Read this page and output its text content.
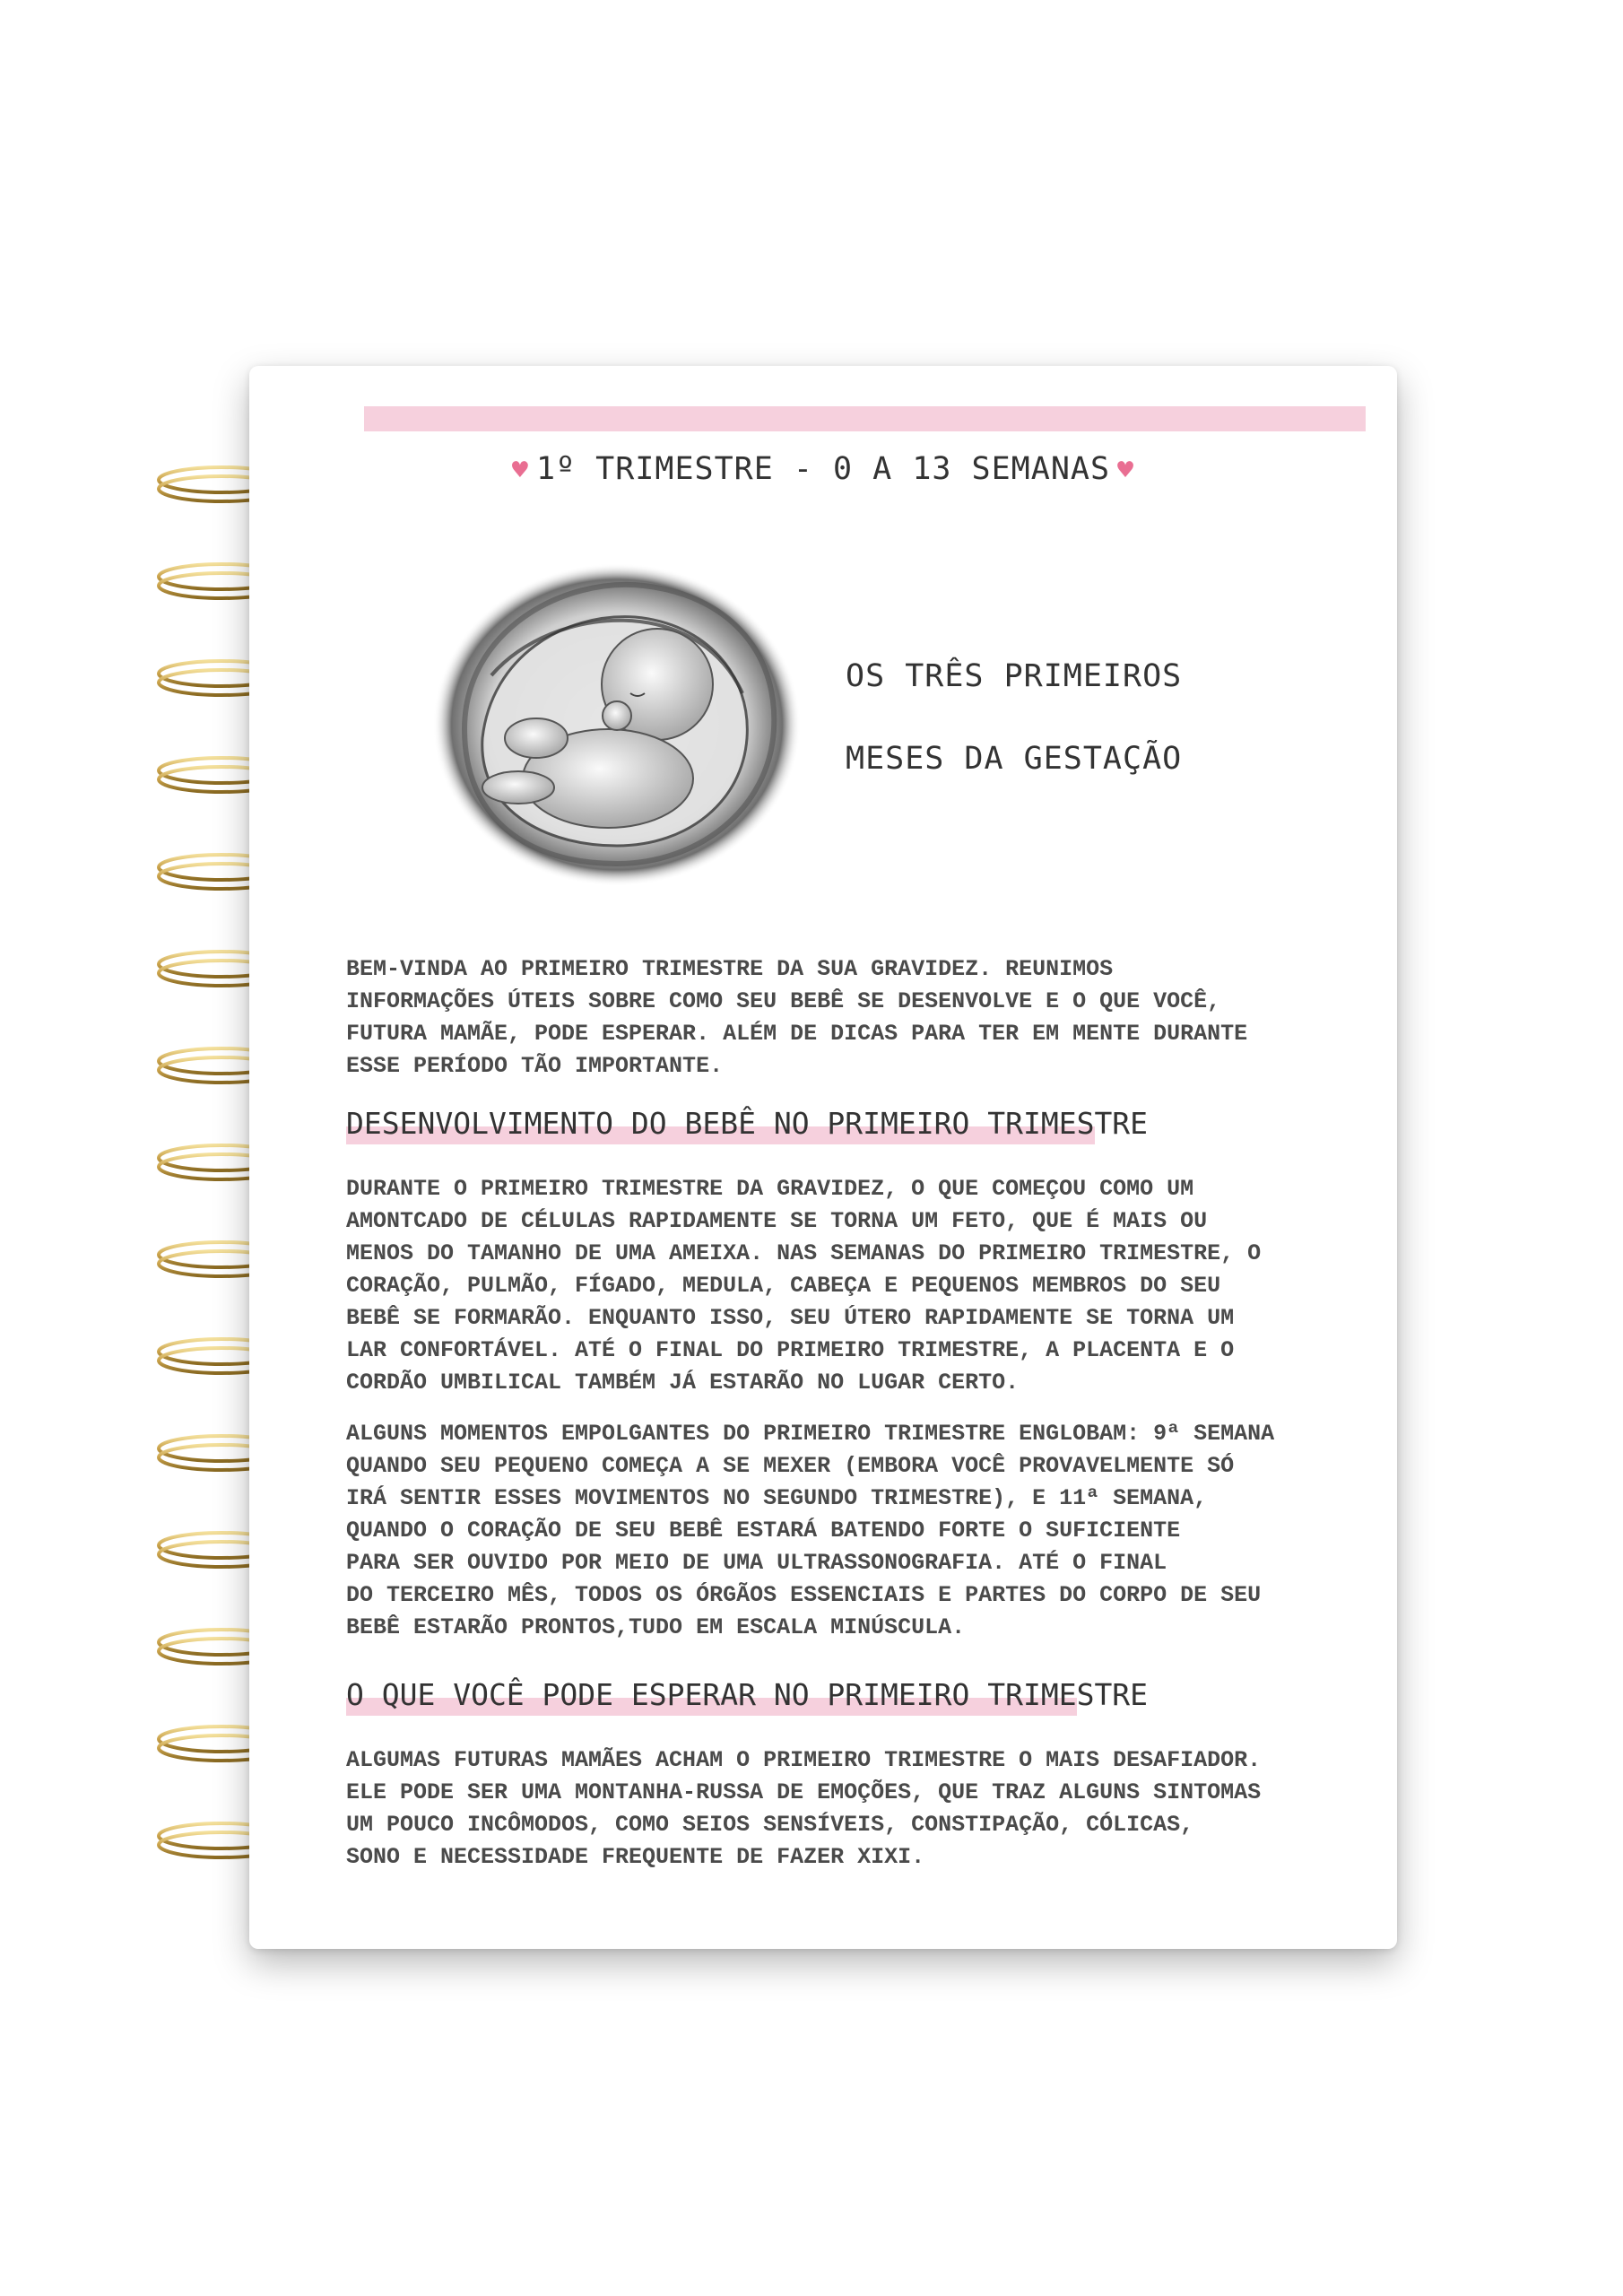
♥ 1º TRIMESTRE - 0 A 13 SEMANAS ♥
OS TRÊS PRIMEIROS
MESES DA GESTAÇÃO

BEM-VINDA AO PRIMEIRO TRIMESTRE DA SUA GRAVIDEZ. REUNIMOS
INFORMAÇÕES ÚTEIS SOBRE COMO SEU BEBÊ SE DESENVOLVE E O QUE VOCÊ,
FUTURA MAMÃE, PODE ESPERAR. ALÉM DE DICAS PARA TER EM MENTE DURANTE
ESSE PERÍODO TÃO IMPORTANTE.

DESENVOLVIMENTO DO BEBÊ NO PRIMEIRO TRIMESTRE

DURANTE O PRIMEIRO TRIMESTRE DA GRAVIDEZ, O QUE COMEÇOU COMO UM
AMONTCADO DE CÉLULAS RAPIDAMENTE SE TORNA UM FETO, QUE É MAIS OU
MENOS DO TAMANHO DE UMA AMEIXA. NAS SEMANAS DO PRIMEIRO TRIMESTRE, O
CORAÇÃO, PULMÃO, FÍGADO, MEDULA, CABEÇA E PEQUENOS MEMBROS DO SEU
BEBÊ SE FORMARÃO. ENQUANTO ISSO, SEU ÚTERO RAPIDAMENTE SE TORNA UM
LAR CONFORTÁVEL. ATÉ O FINAL DO PRIMEIRO TRIMESTRE, A PLACENTA E O
CORDÃO UMBILICAL TAMBÉM JÁ ESTARÃO NO LUGAR CERTO.

ALGUNS MOMENTOS EMPOLGANTES DO PRIMEIRO TRIMESTRE ENGLOBAM: 9ª SEMANA
QUANDO SEU PEQUENO COMEÇA A SE MEXER (EMBORA VOCÊ PROVAVELMENTE SÓ
IRÁ SENTIR ESSES MOVIMENTOS NO SEGUNDO TRIMESTRE), E 11ª SEMANA,
QUANDO O CORAÇÃO DE SEU BEBÊ ESTARÁ BATENDO FORTE O SUFICIENTE
PARA SER OUVIDO POR MEIO DE UMA ULTRASSONOGRAFIA. ATÉ O FINAL
DO TERCEIRO MÊS, TODOS OS ÓRGÃOS ESSENCIAIS E PARTES DO CORPO DE SEU
BEBÊ ESTARÃO PRONTOS,TUDO EM ESCALA MINÚSCULA.

O QUE VOCÊ PODE ESPERAR NO PRIMEIRO TRIMESTRE

ALGUMAS FUTURAS MAMÃES ACHAM O PRIMEIRO TRIMESTRE O MAIS DESAFIADOR.
ELE PODE SER UMA MONTANHA-RUSSA DE EMOÇÕES, QUE TRAZ ALGUNS SINTOMAS
UM POUCO INCÔMODOS, COMO SEIOS SENSÍVEIS, CONSTIPAÇÃO, CÓLICAS,
SONO E NECESSIDADE FREQUENTE DE FAZER XIXI.
